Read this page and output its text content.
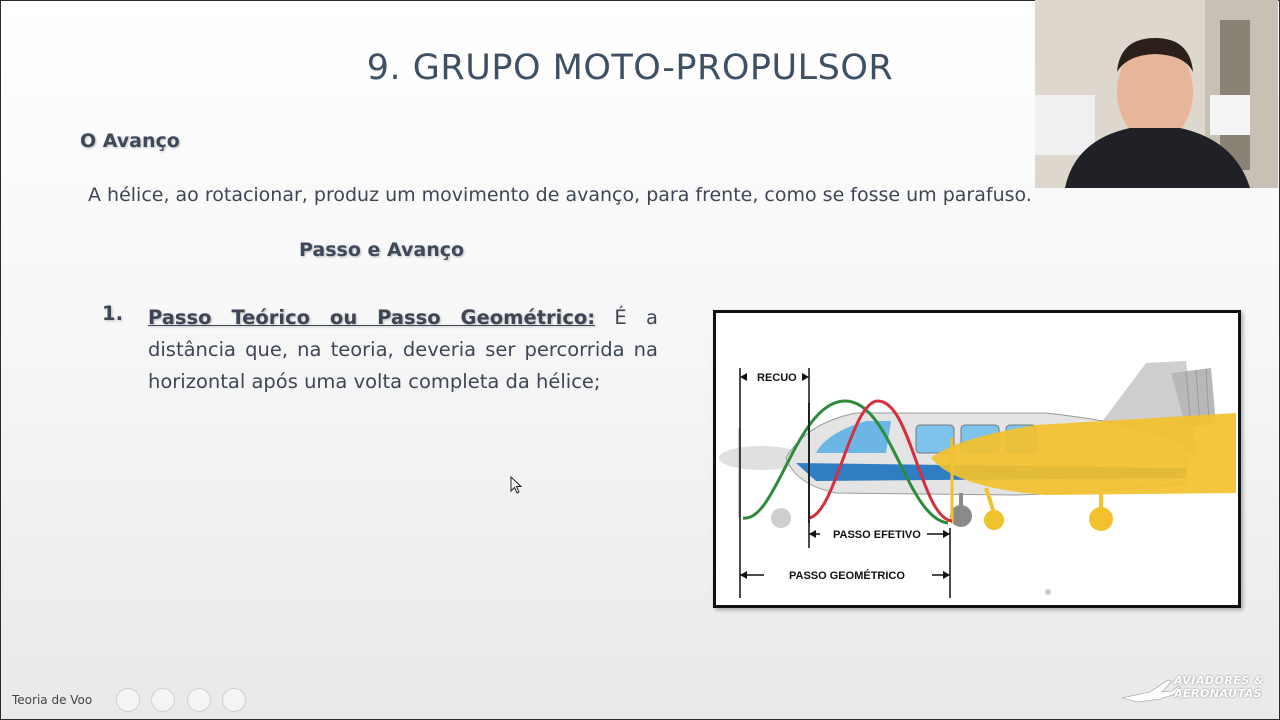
9. GRUPO MOTO-PROPULSOR
O Avanço
A hélice, ao rotacionar, produz um movimento de avanço, para frente, como se fosse um parafuso.
Passo e Avanço
1. Passo Teórico ou Passo Geométrico: É a distância que, na teoria, deveria ser percorrida na horizontal após uma volta completa da hélice;	RECUO
PASSO EFETIVO
PASSO GEOMÉTRICO
Teoria de Voo
AVIADORES &
AERONAUTAS
